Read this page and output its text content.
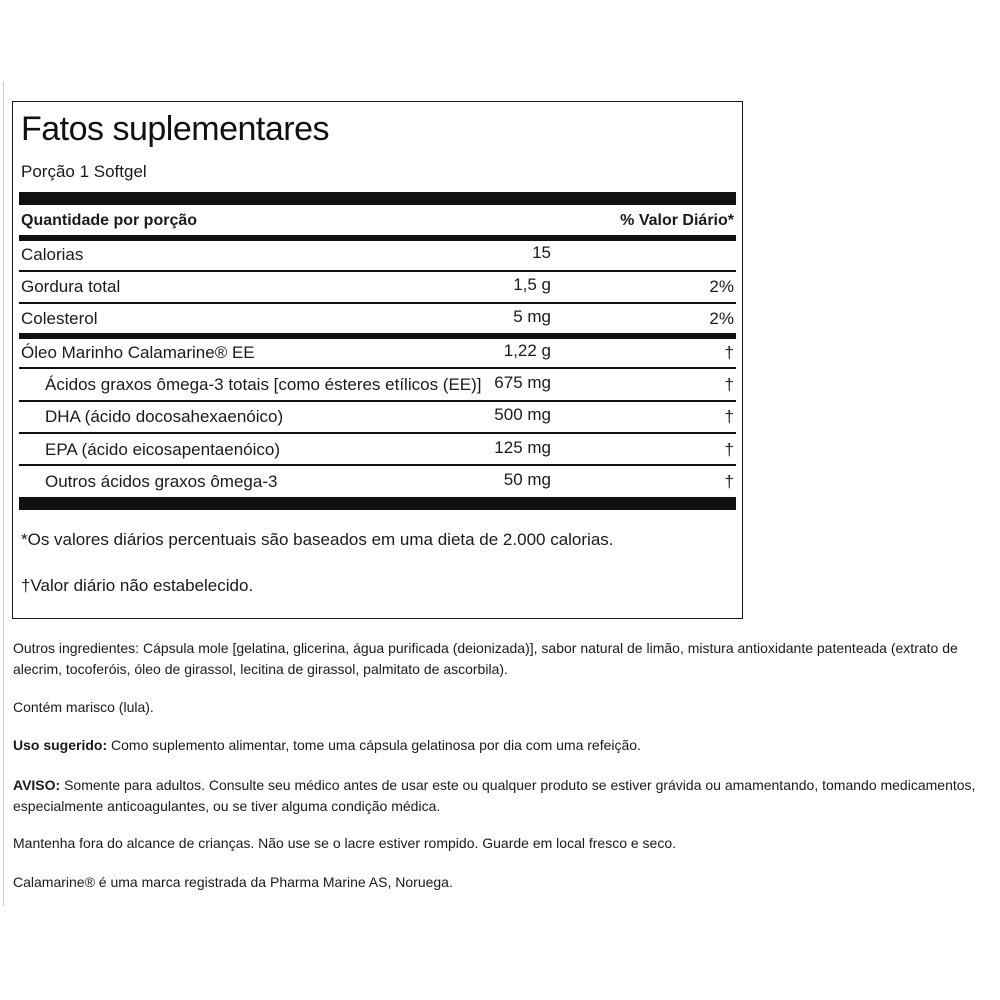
Fatos suplementares
Porção 1 Softgel
Quantidade por porção	% Valor Diário*
Calorias	15
Gordura total	1,5 g	2%
Colesterol	5 mg	2%
Óleo Marinho Calamarine® EE	1,22 g	†
Ácidos graxos ômega-3 totais [como ésteres etílicos (EE)] 675 mg	†
DHA (ácido docosahexaenóico)	500 mg	†
EPA (ácido eicosapentaenóico)	125 mg	†
Outros ácidos graxos ômega-3	50 mg	†
*Os valores diários percentuais são baseados em uma dieta de 2.000 calorias.
†Valor diário não estabelecido.
Outros ingredientes: Cápsula mole [gelatina, glicerina, água purificada (deionizada)], sabor natural de limão, mistura antioxidante patenteada (extrato de alecrim, tocoferóis, óleo de girassol, lecitina de girassol, palmitato de ascorbila).
Contém marisco (lula).
Uso sugerido: Como suplemento alimentar, tome uma cápsula gelatinosa por dia com uma refeição.
AVISO: Somente para adultos. Consulte seu médico antes de usar este ou qualquer produto se estiver grávida ou amamentando, tomando medicamentos, especialmente anticoagulantes, ou se tiver alguma condição médica.
Mantenha fora do alcance de crianças. Não use se o lacre estiver rompido. Guarde em local fresco e seco.
Calamarine® é uma marca registrada da Pharma Marine AS, Noruega.
